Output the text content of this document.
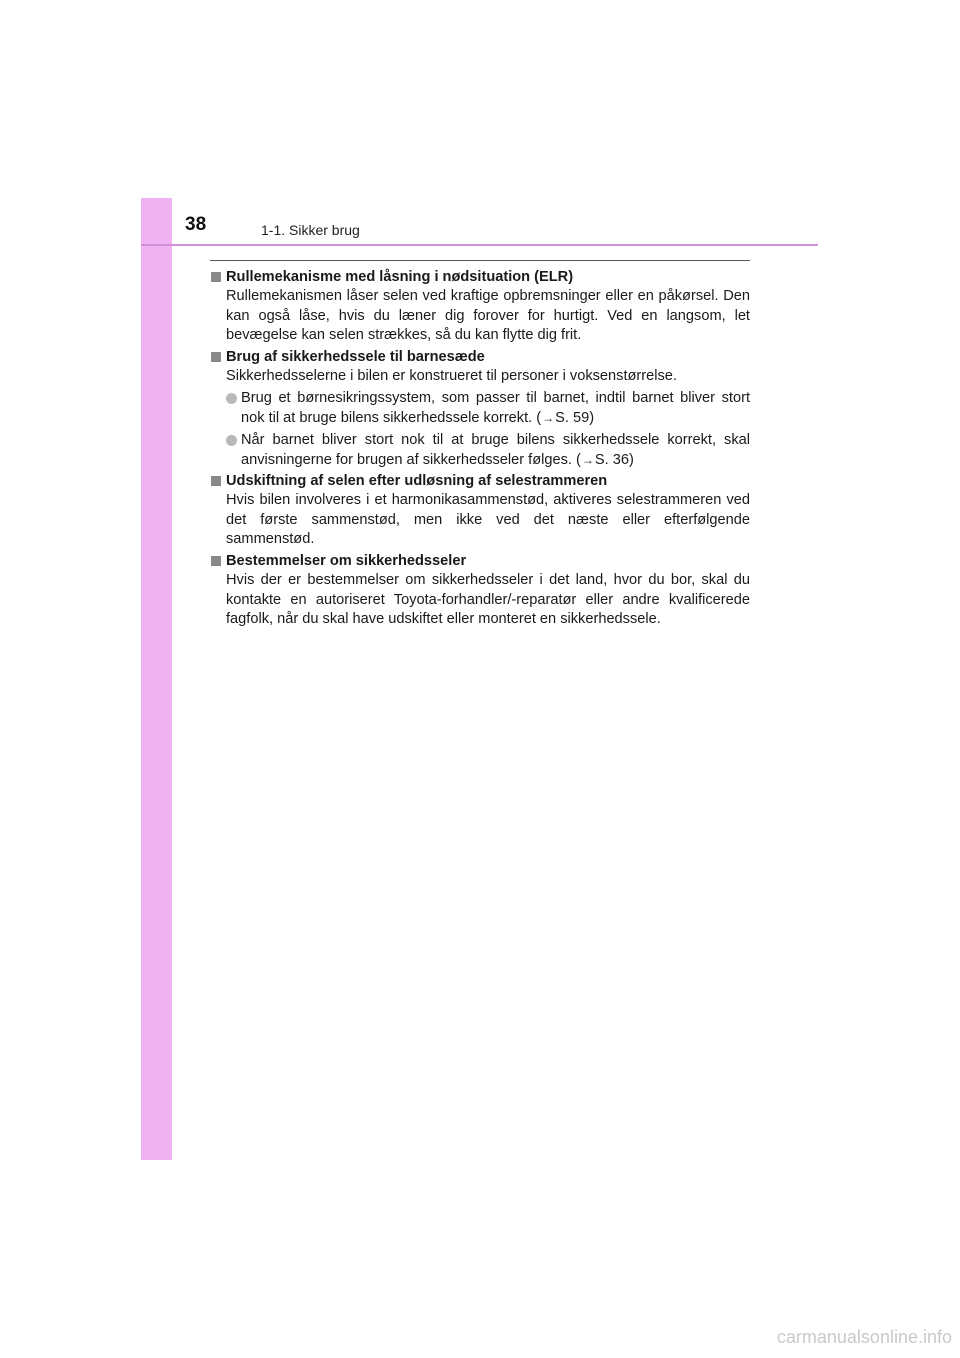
38	1-1. Sikker brug
Rullemekanisme med låsning i nødsituation (ELR)
Rullemekanismen låser selen ved kraftige opbremsninger eller en påkørsel. Den kan også låse, hvis du læner dig forover for hurtigt. Ved en langsom, let bevægelse kan selen strækkes, så du kan flytte dig frit.
Brug af sikkerhedssele til barnesæde
Sikkerhedsselerne i bilen er konstrueret til personer i voksenstørrelse.
Brug et børnesikringssystem, som passer til barnet, indtil barnet bliver stort nok til at bruge bilens sikkerhedssele korrekt. (→S. 59)
Når barnet bliver stort nok til at bruge bilens sikkerhedssele korrekt, skal anvisningerne for brugen af sikkerhedsseler følges. (→S. 36)
Udskiftning af selen efter udløsning af selestrammeren
Hvis bilen involveres i et harmonikasammenstød, aktiveres selestrammeren ved det første sammenstød, men ikke ved det næste eller efterfølgende sammenstød.
Bestemmelser om sikkerhedsseler
Hvis der er bestemmelser om sikkerhedsseler i det land, hvor du bor, skal du kontakte en autoriseret Toyota-forhandler/-reparatør eller andre kvalificerede fagfolk, når du skal have udskiftet eller monteret en sikkerhedssele.
carmanualsonline.info
